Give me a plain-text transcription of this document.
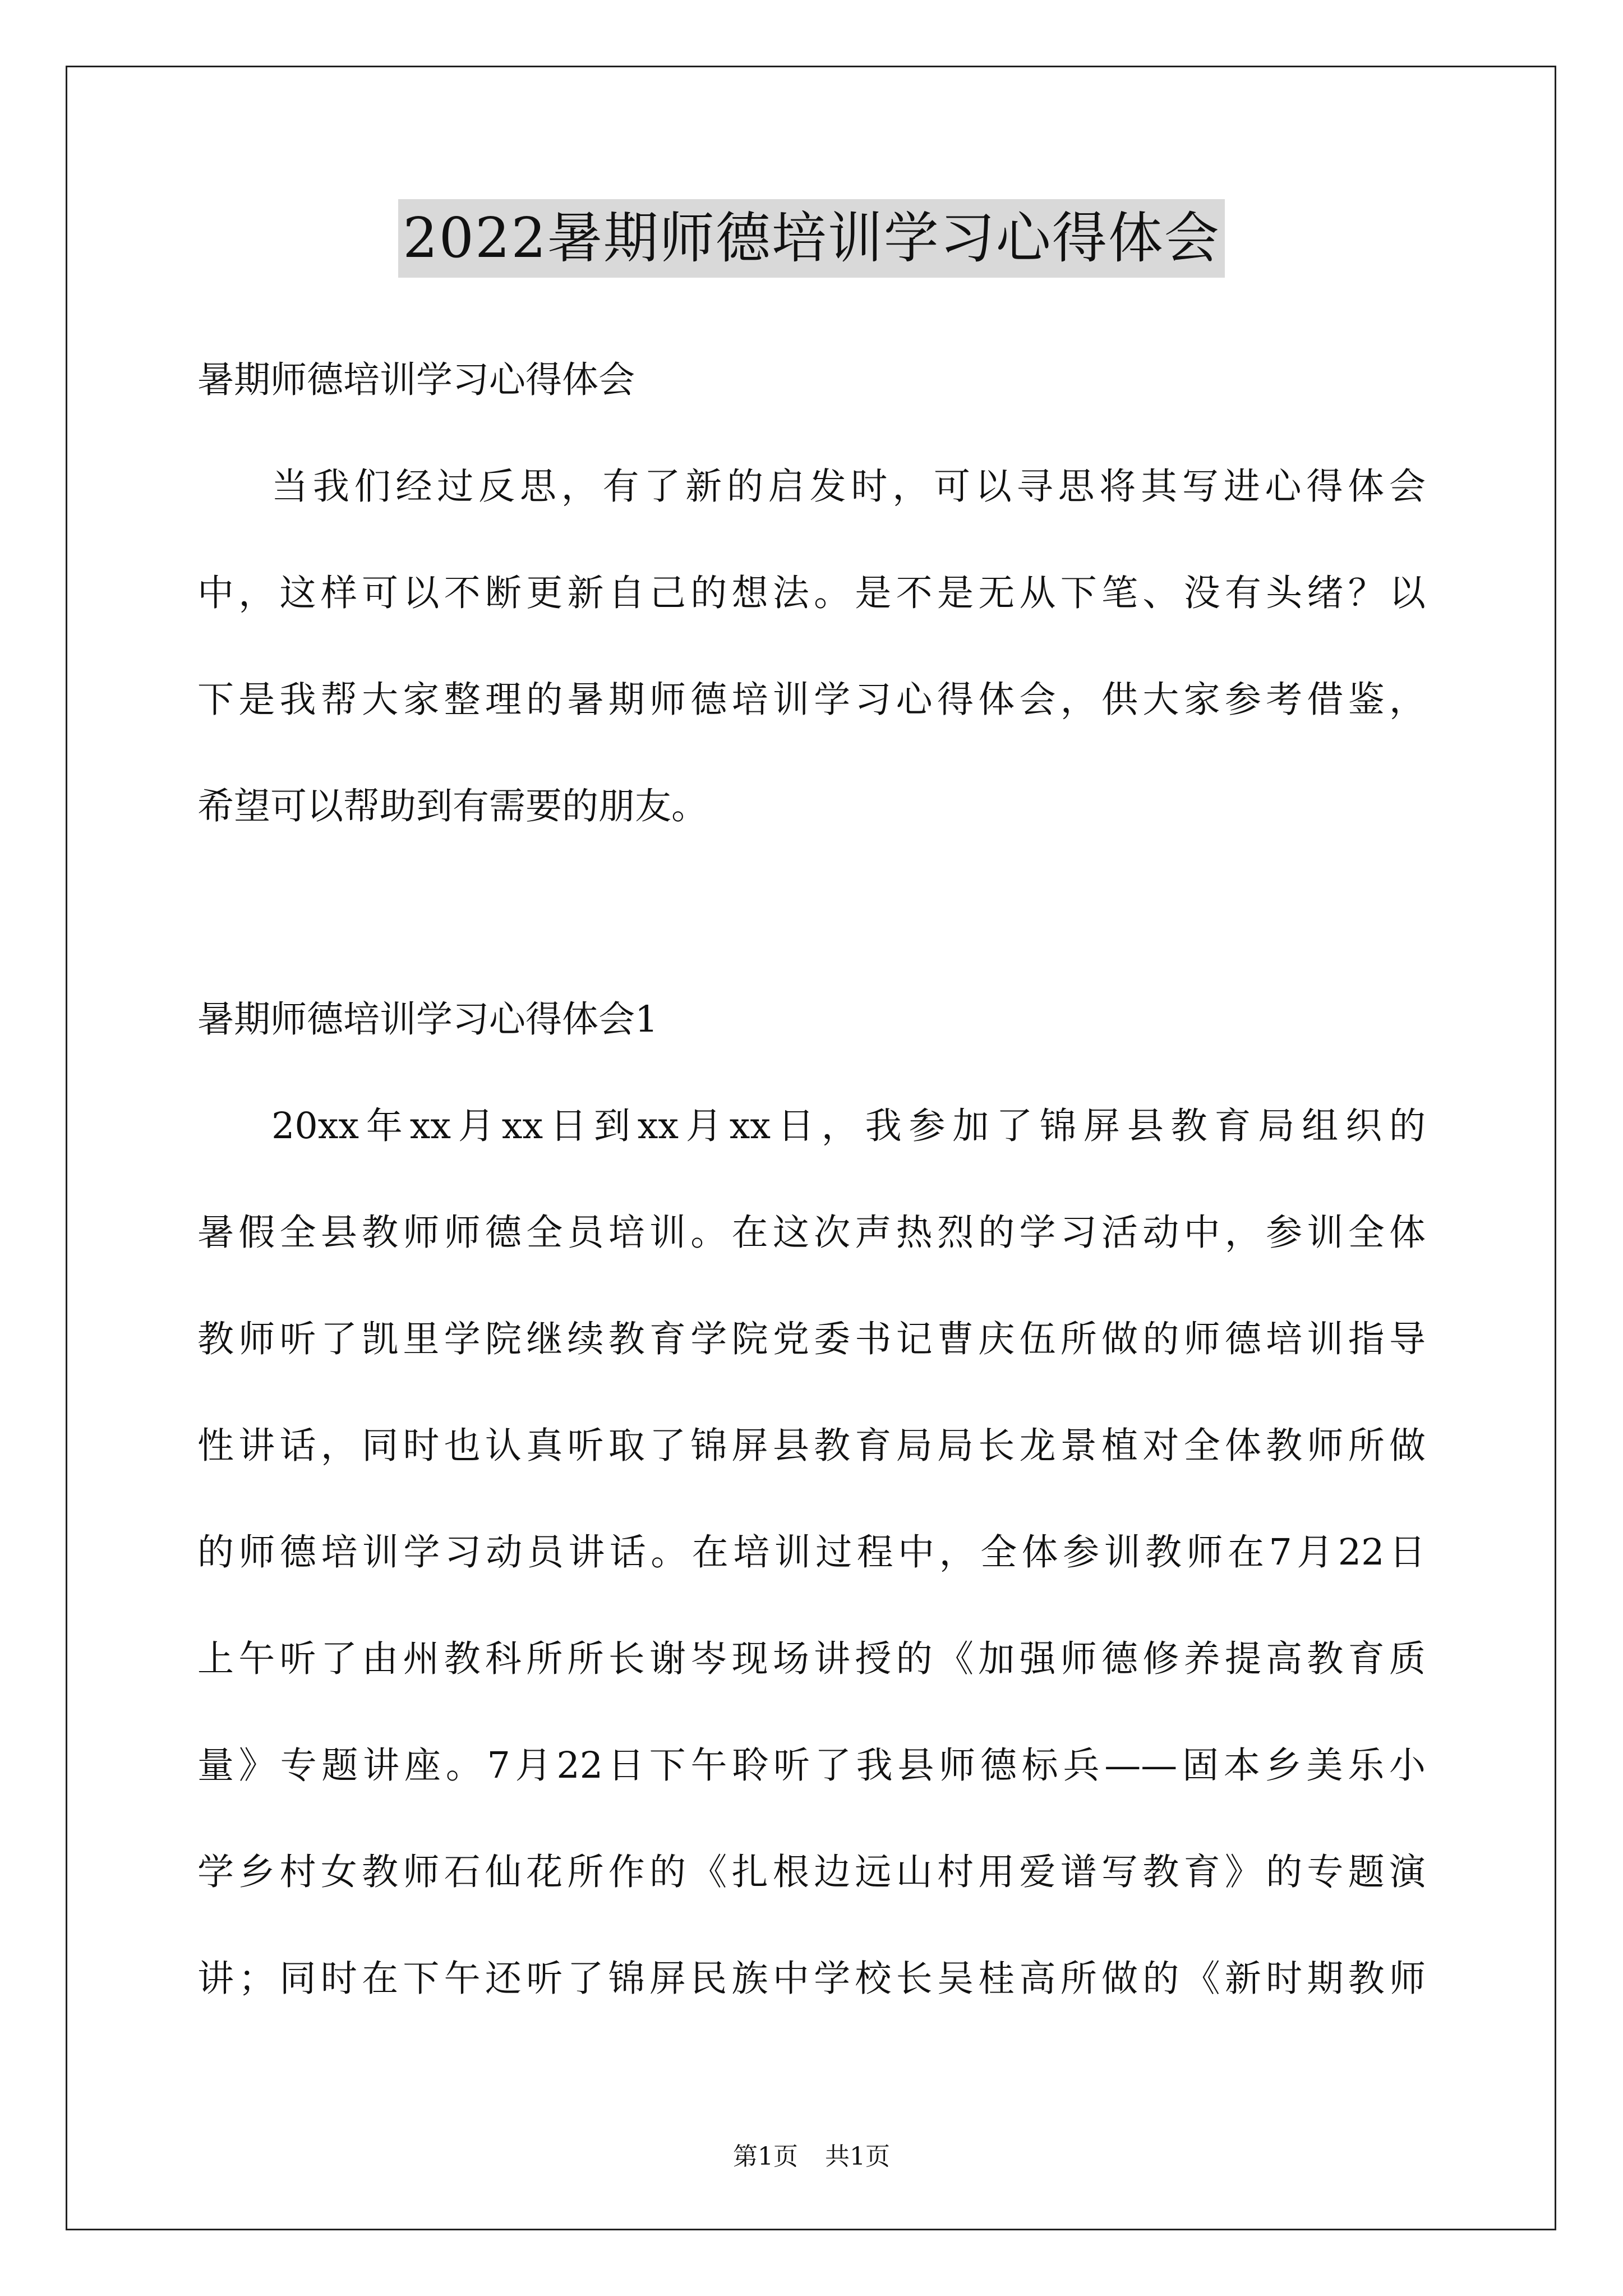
2022暑期师德培训学习心得体会
暑期师德培训学习心得体会
当我们经过反思，有了新的启发时，可以寻思将其写进心得体会
中，这样可以不断更新自己的想法。是不是无从下笔、没有头绪？以
下是我帮大家整理的暑期师德培训学习心得体会，供大家参考借鉴，
希望可以帮助到有需要的朋友。
暑期师德培训学习心得体会1
20xx年xx月xx日到xx月xx日，我参加了锦屏县教育局组织的
暑假全县教师师德全员培训。在这次声热烈的学习活动中，参训全体
教师听了凯里学院继续教育学院党委书记曹庆伍所做的师德培训指导
性讲话，同时也认真听取了锦屏县教育局局长龙景植对全体教师所做
的师德培训学习动员讲话。在培训过程中，全体参训教师在7月22日
上午听了由州教科所所长谢岑现场讲授的《加强师德修养提高教育质
量》专题讲座。7月22日下午聆听了我县师德标兵——固本乡美乐小
学乡村女教师石仙花所作的《扎根边远山村用爱谱写教育》的专题演
讲；同时在下午还听了锦屏民族中学校长吴桂高所做的《新时期教师
第1页 共1页
